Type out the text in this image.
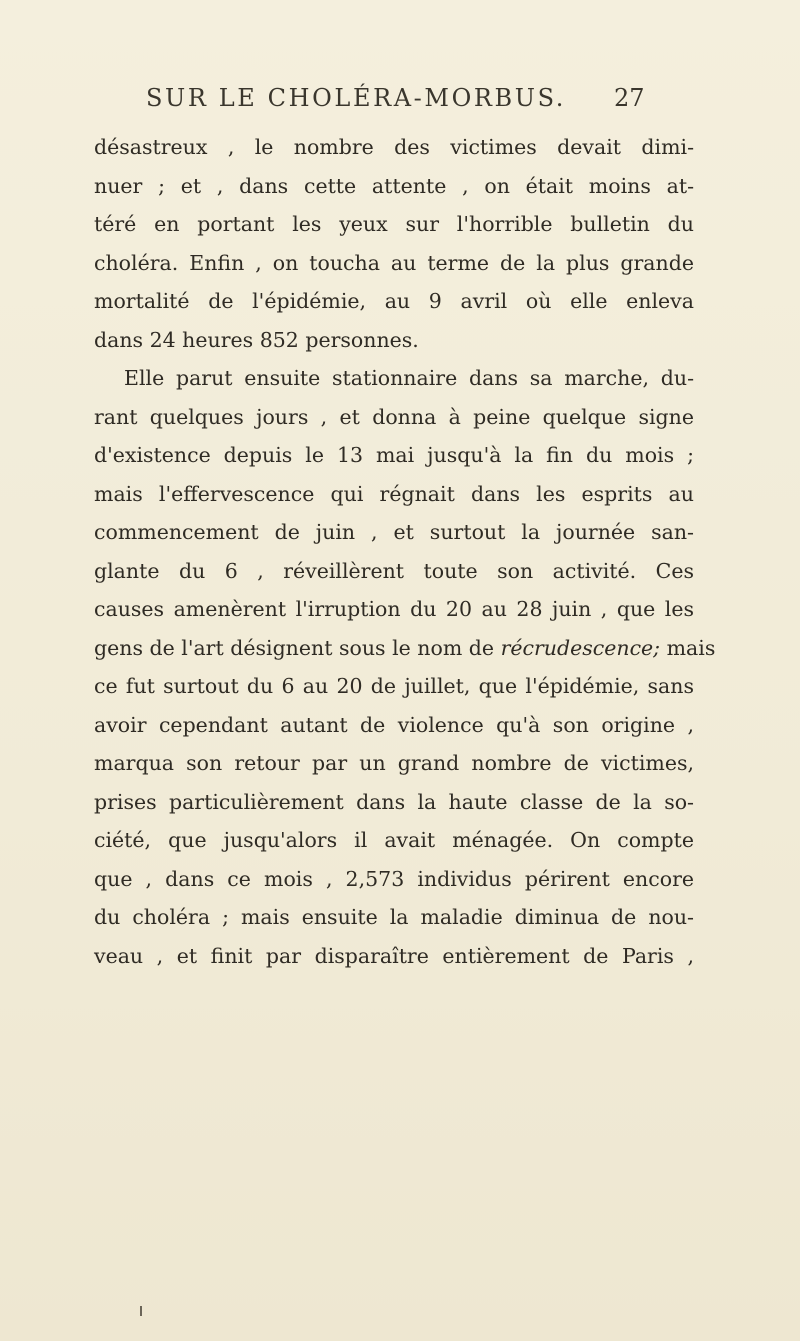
SUR LE CHOLÉRA-MORBUS. 27
désastreux , le nombre des victimes devait dimi-
nuer ; et , dans cette attente , on était moins at-
téré en portant les yeux sur l'horrible bulletin du
choléra. Enfin , on toucha au terme de la plus grande
mortalité de l'épidémie, au 9 avril où elle enleva
dans 24 heures 852 personnes.
Elle parut ensuite stationnaire dans sa marche, du-
rant quelques jours , et donna à peine quelque signe
d'existence depuis le 13 mai jusqu'à la fin du mois ;
mais l'effervescence qui régnait dans les esprits au
commencement de juin , et surtout la journée san-
glante du 6 , réveillèrent toute son activité. Ces
causes amenèrent l'irruption du 20 au 28 juin , que les
gens de l'art désignent sous le nom de récrudescence; mais
ce fut surtout du 6 au 20 de juillet, que l'épidémie, sans
avoir cependant autant de violence qu'à son origine ,
marqua son retour par un grand nombre de victimes,
prises particulièrement dans la haute classe de la so-
ciété, que jusqu'alors il avait ménagée. On compte
que , dans ce mois , 2,573 individus périrent encore
du choléra ; mais ensuite la maladie diminua de nou-
veau , et finit par disparaître entièrement de Paris ,
